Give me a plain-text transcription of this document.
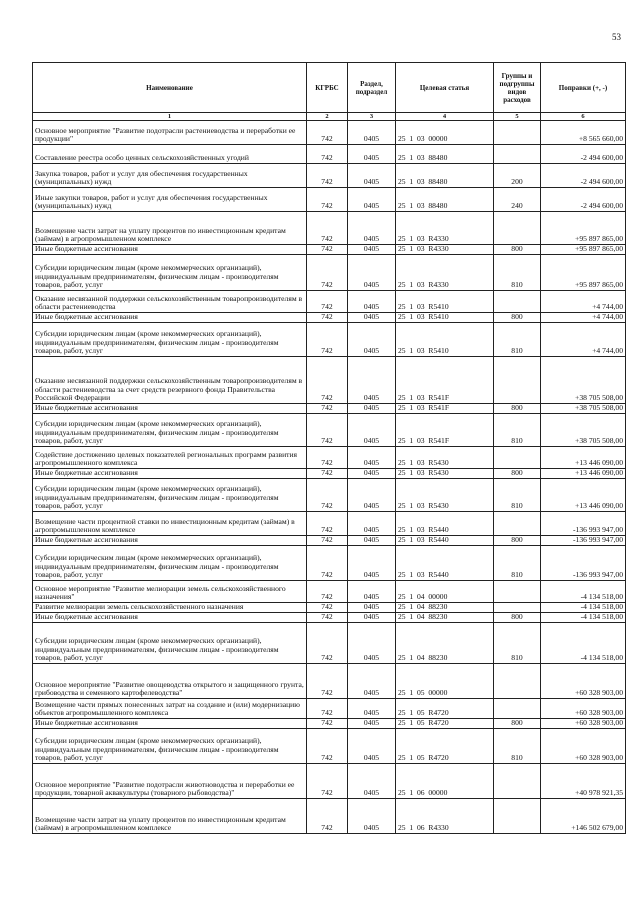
53
Наименование	КГРБС	Раздел, подраздел	Целевая статья	Группы и подгруппы видов расходов	Поправки (+, -)
1	2	3	4	5	6
Основное мероприятие "Развитие подотрасли растениеводства и переработки ее продукции"	742	0405	25  1  03  00000		+8 565 660,00
Составление реестра особо ценных сельскохозяйственных угодий	742	0405	25  1  03  88480		-2 494 600,00
Закупка товаров, работ и услуг для обеспечения государственных (муниципальных) нужд	742	0405	25  1  03  88480	200	-2 494 600,00
Иные закупки товаров, работ и услуг для обеспечения государственных (муниципальных) нужд	742	0405	25  1  03  88480	240	-2 494 600,00
Возмещение части затрат на уплату процентов по инвестиционным кредитам (займам) в агропромышленном комплексе	742	0405	25  1  03  R4330		+95 897 865,00
Иные бюджетные ассигнования	742	0405	25  1  03  R4330	800	+95 897 865,00
Субсидии юридическим лицам (кроме некоммерческих организаций), индивидуальным предпринимателям, физическим лицам - производителям товаров, работ, услуг	742	0405	25  1  03  R4330	810	+95 897 865,00
Оказание несвязанной поддержки сельскохозяйственным товаропроизводителям в области растениеводства	742	0405	25  1  03  R5410		+4 744,00
Иные бюджетные ассигнования	742	0405	25  1  03  R5410	800	+4 744,00
Субсидии юридическим лицам (кроме некоммерческих организаций), индивидуальным предпринимателям, физическим лицам - производителям товаров, работ, услуг	742	0405	25  1  03  R5410	810	+4 744,00
Оказание несвязанной поддержки сельскохозяйственным товаропроизводителям в области растениеводства за счет средств резервного фонда Правительства Российской Федерации	742	0405	25  1  03  R541F		+38 705 508,00
Иные бюджетные ассигнования	742	0405	25  1  03  R541F	800	+38 705 508,00
Субсидии юридическим лицам (кроме некоммерческих организаций), индивидуальным предпринимателям, физическим лицам - производителям товаров, работ, услуг	742	0405	25  1  03  R541F	810	+38 705 508,00
Содействие достижению целевых показателей региональных программ развития агропромышленного комплекса	742	0405	25  1  03  R5430		+13 446 090,00
Иные бюджетные ассигнования	742	0405	25  1  03  R5430	800	+13 446 090,00
Субсидии юридическим лицам (кроме некоммерческих организаций), индивидуальным предпринимателям, физическим лицам - производителям товаров, работ, услуг	742	0405	25  1  03  R5430	810	+13 446 090,00
Возмещение части процентной ставки по инвестиционным кредитам (займам) в агропромышленном комплексе	742	0405	25  1  03  R5440		-136 993 947,00
Иные бюджетные ассигнования	742	0405	25  1  03  R5440	800	-136 993 947,00
Субсидии юридическим лицам (кроме некоммерческих организаций), индивидуальным предпринимателям, физическим лицам - производителям товаров, работ, услуг	742	0405	25  1  03  R5440	810	-136 993 947,00
Основное мероприятие "Развитие мелиорации земель сельскохозяйственного назначения"	742	0405	25  1  04  00000		-4 134 518,00
Развитие мелиорации земель сельскохозяйственного назначения	742	0405	25  1  04  88230		-4 134 518,00
Иные бюджетные ассигнования	742	0405	25  1  04  88230	800	-4 134 518,00
Субсидии юридическим лицам (кроме некоммерческих организаций), индивидуальным предпринимателям, физическим лицам - производителям товаров, работ, услуг	742	0405	25  1  04  88230	810	-4 134 518,00
Основное мероприятие "Развитие овощеводства открытого и защищенного грунта, грибоводства и семенного картофелеводства"	742	0405	25  1  05  00000		+60 328 903,00
Возмещение части прямых понесенных затрат на создание и (или) модернизацию объектов агропромышленного комплекса	742	0405	25  1  05  R4720		+60 328 903,00
Иные бюджетные ассигнования	742	0405	25  1  05  R4720	800	+60 328 903,00
Субсидии юридическим лицам (кроме некоммерческих организаций), индивидуальным предпринимателям, физическим лицам - производителям товаров, работ, услуг	742	0405	25  1  05  R4720	810	+60 328 903,00
Основное мероприятие "Развитие подотрасли животноводства и переработки ее продукции, товарной аквакультуры (товарного рыбоводства)"	742	0405	25  1  06  00000		+40 978 921,35
Возмещение части затрат на уплату процентов по инвестиционным кредитам (займам) в агропромышленном комплексе	742	0405	25  1  06  R4330		+146 502 679,00
